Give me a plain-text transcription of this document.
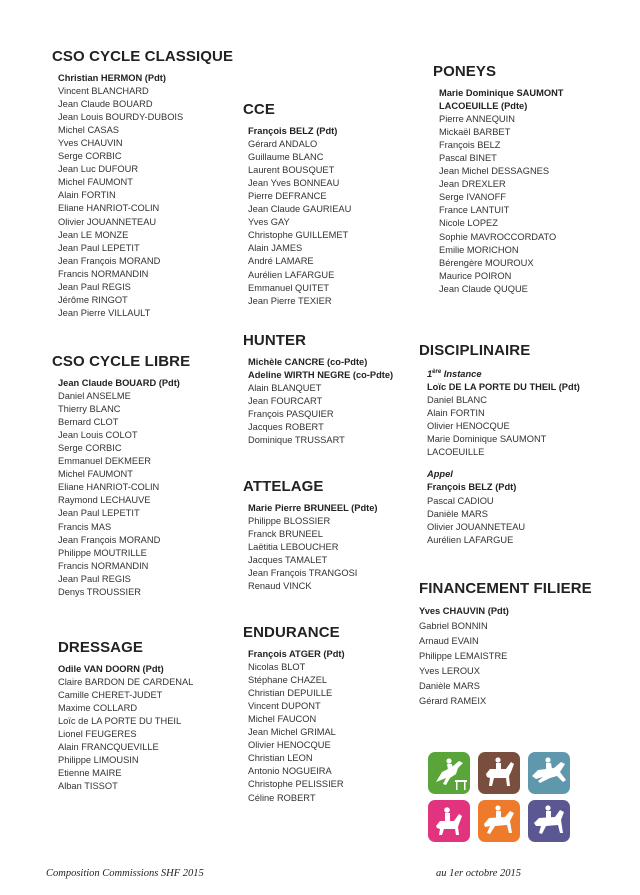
CSO CYCLE CLASSIQUE
Christian HERMON (Pdt)
Vincent BLANCHARD
Jean Claude BOUARD
Jean Louis BOURDY-DUBOIS
Michel CASAS
Yves CHAUVIN
Serge CORBIC
Jean Luc DUFOUR
Michel FAUMONT
Alain FORTIN
Eliane HANRIOT-COLIN
Olivier JOUANNETEAU
Jean LE MONZE
Jean Paul LEPETIT
Jean François MORAND
Francis NORMANDIN
Jean Paul REGIS
Jérôme RINGOT
Jean Pierre VILLAULT
CSO CYCLE LIBRE
Jean Claude BOUARD (Pdt)
Daniel ANSELME
Thierry BLANC
Bernard CLOT
Jean Louis COLOT
Serge CORBIC
Emmanuel DEKMEER
Michel FAUMONT
Eliane HANRIOT-COLIN
Raymond LECHAUVE
Jean Paul LEPETIT
Francis MAS
Jean François MORAND
Philippe MOUTRILLE
Francis NORMANDIN
Jean Paul REGIS
Denys TROUSSIER
DRESSAGE
Odile VAN DOORN (Pdt)
Claire BARDON DE CARDENAL
Camille CHERET-JUDET
Maxime COLLARD
Loïc de LA PORTE DU THEIL
Lionel FEUGERES
Alain FRANCQUEVILLE
Philippe LIMOUSIN
Etienne MAIRE
Alban TISSOT
CCE
François BELZ (Pdt)
Gérard ANDALO
Guillaume BLANC
Laurent BOUSQUET
Jean Yves BONNEAU
Pierre DEFRANCE
Jean Claude GAURIEAU
Yves GAY
Christophe GUILLEMET
Alain JAMES
André LAMARE
Aurélien LAFARGUE
Emmanuel QUITET
Jean Pierre TEXIER
HUNTER
Michèle CANCRE (co-Pdte)
Adeline WIRTH NEGRE (co-Pdte)
Alain BLANQUET
Jean FOURCART
François PASQUIER
Jacques ROBERT
Dominique TRUSSART
ATTELAGE
Marie Pierre BRUNEEL (Pdte)
Philippe BLOSSIER
Franck BRUNEEL
Laëtitia LEBOUCHER
Jacques TAMALET
Jean François TRANGOSI
Renaud VINCK
ENDURANCE
François ATGER (Pdt)
Nicolas BLOT
Stéphane CHAZEL
Christian DEPUILLE
Vincent DUPONT
Michel FAUCON
Jean Michel GRIMAL
Olivier HENOCQUE
Christian LEON
Antonio NOGUEIRA
Christophe PELISSIER
Céline ROBERT
PONEYS
Marie Dominique SAUMONT
LACOEUILLE (Pdte)
Pierre ANNEQUIN
Mickaël BARBET
François BELZ
Pascal BINET
Jean Michel DESSAGNES
Jean DREXLER
Serge IVANOFF
France LANTUIT
Nicole LOPEZ
Sophie MAVROCCORDATO
Emilie MORICHON
Bérengère MOUROUX
Maurice POIRON
Jean Claude QUQUE
DISCIPLINAIRE
1ère Instance
Loïc DE LA PORTE DU THEIL (Pdt)
Daniel BLANC
Alain FORTIN
Olivier HENOCQUE
Marie Dominique SAUMONT
LACOEUILLE
Appel
François BELZ (Pdt)
Pascal CADIOU
Danièle MARS
Olivier JOUANNETEAU
Aurélien LAFARGUE
FINANCEMENT FILIERE
Yves CHAUVIN (Pdt)
Gabriel BONNIN
Arnaud EVAIN
Philippe LEMAISTRE
Yves LEROUX
Danièle MARS
Gérard RAMEIX
Composition Commissions SHF 2015	au 1er octobre 2015
